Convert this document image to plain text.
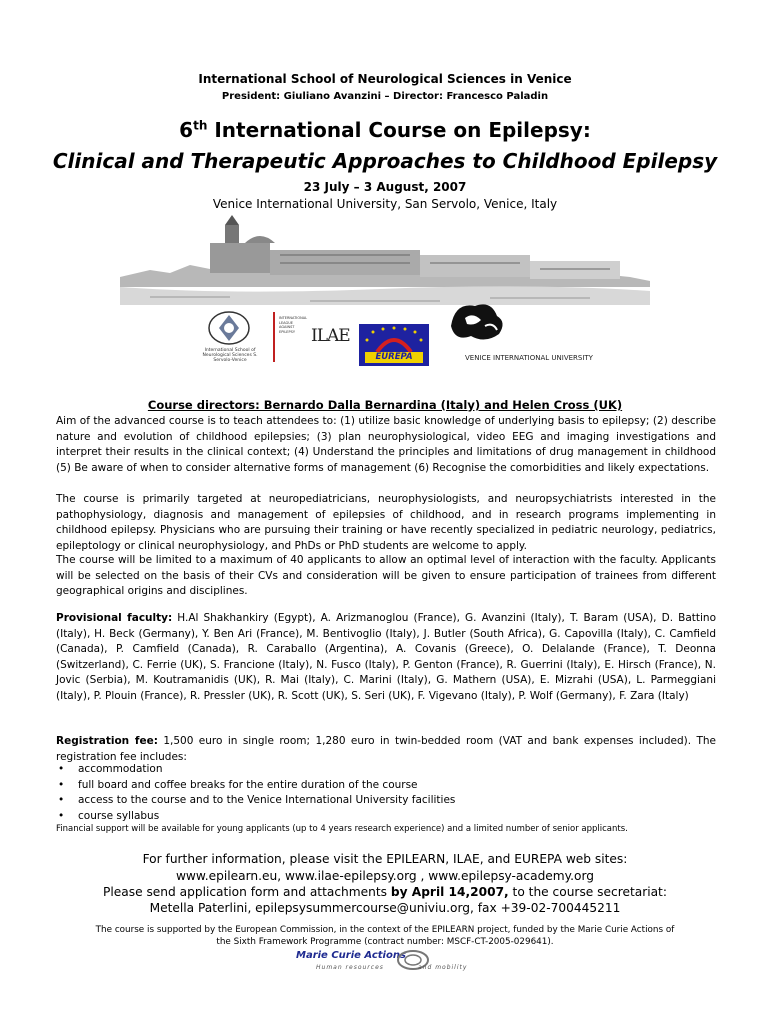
International School of Neurological Sciences in Venice
President: Giuliano Avanzini – Director: Francesco Paladin
6th International Course on Epilepsy:
Clinical and Therapeutic Approaches to Childhood Epilepsy
23 July – 3 August, 2007
Venice International University, San Servolo, Venice, Italy
International School of Neurological Sciences S. Servolo-Venice
INTERNATIONAL LEAGUE AGAINST EPILEPSY ILAE
EUREPA	VENICE INTERNATIONAL UNIVERSITY
Course directors: Bernardo Dalla Bernardina (Italy) and Helen Cross (UK)
Aim of the advanced course is to teach attendees to: (1) utilize basic knowledge of underlying basis to epilepsy; (2) describe nature and evolution of childhood epilepsies; (3) plan neurophysiological, video EEG and imaging investigations and interpret their results in the clinical context; (4) Understand the principles and limitations of drug management in childhood (5) Be aware of when to consider alternative forms of management (6) Recognise the comorbidities and likely expectations.
The course is primarily targeted at neuropediatricians, neurophysiologists, and neuropsychiatrists interested in the pathophysiology, diagnosis and management of epilepsies of childhood, and in research programs implementing in childhood epilepsy. Physicians who are pursuing their training or have recently specialized in pediatric neurology, pediatrics, epileptology or clinical neurophysiology, and PhDs or PhD students are welcome to apply.
The course will be limited to a maximum of 40 applicants to allow an optimal level of interaction with the faculty. Applicants will be selected on the basis of their CVs and consideration will be given to ensure participation of trainees from different geographical origins and disciplines.
Provisional faculty: H.Al Shakhankiry (Egypt), A. Arizmanoglou (France), G. Avanzini (Italy), T. Baram (USA), D. Battino (Italy), H. Beck (Germany), Y. Ben Ari (France), M. Bentivoglio (Italy), J. Butler (South Africa), G. Capovilla (Italy), C. Camfield (Canada), P. Camfield (Canada), R. Caraballo (Argentina), A. Covanis (Greece), O. Delalande (France), T. Deonna (Switzerland), C. Ferrie (UK), S. Francione (Italy), N. Fusco (Italy), P. Genton (France), R. Guerrini (Italy), E. Hirsch (France), N. Jovic (Serbia), M. Koutramanidis (UK), R. Mai (Italy), C. Marini (Italy), G. Mathern (USA), E. Mizrahi (USA), L. Parmeggiani (Italy), P. Plouin (France), R. Pressler (UK), R. Scott (UK), S. Seri (UK), F. Vigevano (Italy), P. Wolf (Germany), F. Zara (Italy)
Registration fee: 1,500 euro in single room; 1,280 euro in twin-bedded room (VAT and bank expenses included). The registration fee includes:
• accommodation
• full board and coffee breaks for the entire duration of the course
• access to the course and to the Venice International University facilities
• course syllabus
Financial support will be available for young applicants (up to 4 years research experience) and a limited number of senior applicants.
For further information, please visit the EPILEARN, ILAE, and EUREPA web sites:
www.epilearn.eu, www.ilae-epilepsy.org , www.epilepsy-academy.org
Please send application form and attachments by April 14,2007, to the course secretariat:
Metella Paterlini, epilepsysummercourse@univiu.org, fax +39-02-700445211
The course is supported by the European Commission, in the context of the EPILEARN project, funded by the Marie Curie Actions of
the Sixth Framework Programme (contract number: MSCF-CT-2005-029641).
Marie Curie Actions
Human resources	and mobility
